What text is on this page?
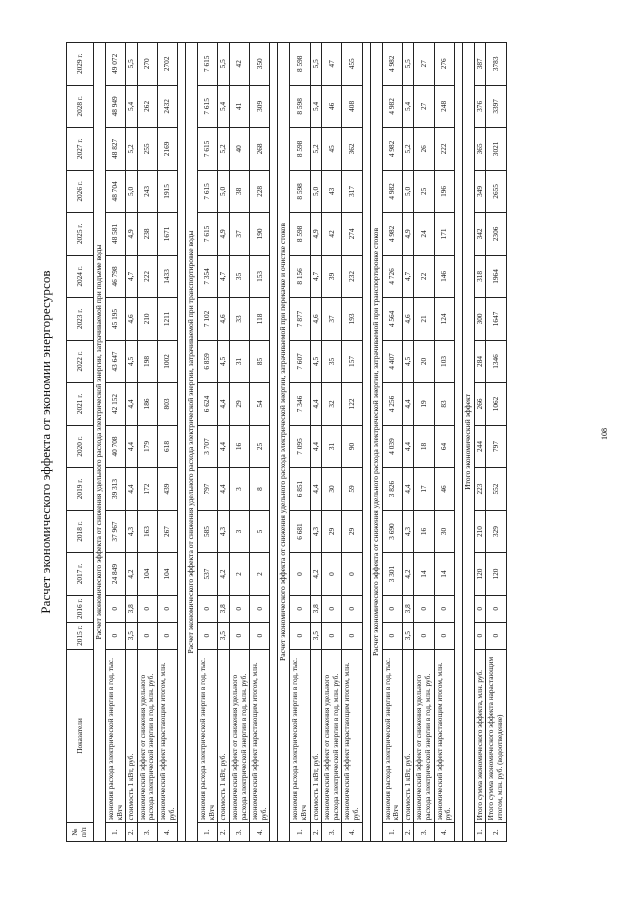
Расчет экономического эффекта от экономии энергоресурсов
№ п/п	Показатели	2015 г.	2016 г.	2017 г.	2018 г.	2019 г.	2020 г.	2021 г.	2022 г.	2023 г.	2024 г.	2025 г.	2026 г.	2027 г.	2028 г.	2029 г.
Расчет экономического эффекта от снижения удельного расхода электрической энергии, затрачиваемой при подъеме воды																
1.	экономия расхода электрической энергии в год, тыс. кВтч	0	0	24 849	37 967	39 313	40 708	42 152	43 647	45 195	46 798	48 581	48 704	48 827	48 949	49 072
2.	стоимость 1 кВт, руб.	3,5	3,8	4,2	4,3	4,4	4,4	4,4	4,5	4,6	4,7	4,9	5,0	5,2	5,4	5,5
3.	экономический эффект от снижения удельного расхода электрической энергии в год, млн. руб.	0	0	104	163	172	179	186	198	210	222	238	243	255	262	270
4.	экономический эффект нарастающим итогом, млн. руб.	0	0	104	267	439	618	803	1002	1211	1433	1671	1915	2169	2432	2702

Расчет экономического эффекта от снижения удельного расхода электрической энергии, затрачиваемой при транспортировке воды																
1.	экономия расхода электрической энергии в год, тыс. кВтч	0	0	537	585	797	3 707	6 624	6 859	7 102	7 354	7 615	7 615	7 615	7 615	7 615
2.	стоимость 1 кВт, руб.	3,5	3,8	4,2	4,3	4,4	4,4	4,4	4,5	4,6	4,7	4,9	5,0	5,2	5,4	5,5
3.	экономический эффект от снижения удельного расхода электрической энергии в год, млн. руб.	0	0	2	3	3	16	29	31	33	35	37	38	40	41	42
4.	экономический эффект нарастающим итогом, млн. руб.	0	0	2	5	8	25	54	85	118	153	190	228	268	309	350

Расчет экономического эффекта от снижения удельного расхода электрической энергии, затрачиваемой при перекачке и очистке стоков																
1.	экономия расхода электрической энергии в год, тыс. кВтч	0	0	0	6 681	6 851	7 095	7 346	7 607	7 877	8 156	8 598	8 598	8 598	8 598	8 598
2.	стоимость 1 кВт, руб.	3,5	3,8	4,2	4,3	4,4	4,4	4,4	4,5	4,6	4,7	4,9	5,0	5,2	5,4	5,5
3.	экономический эффект от снижения удельного расхода электрической энергии в год, млн. руб.	0	0	0	29	30	31	32	35	37	39	42	43	45	46	47
4.	экономический эффект нарастающим итогом, млн. руб.	0	0	0	29	59	90	122	157	193	232	274	317	362	408	455

Расчет экономического эффекта от снижения удельного расхода электрической энергии, затрачиваемой при транспортировке стоков																
1.	экономия расхода электрической энергии в год, тыс. кВтч	0	0	3 301	3 690	3 826	4 039	4 256	4 407	4 564	4 726	4 982	4 982	4 982	4 982	4 982
2.	стоимость 1 кВт, руб.	3,5	3,8	4,2	4,3	4,4	4,4	4,4	4,5	4,6	4,7	4,9	5,0	5,2	5,4	5,5
3.	экономический эффект от снижения удельного расхода электрической энергии в год, млн. руб.	0	0	14	16	17	18	19	20	21	22	24	25	26	27	27
4.	экономический эффект нарастающим итогом, млн. руб.	0	0	14	30	46	64	83	103	124	146	171	196	222	248	276

Итого экономический эффект																
1.	Итого сумма экономического эффекта, млн. руб.	0	0	120	210	223	244	266	284	300	318	342	349	365	376	387
2.	Итого сумма экономического эффекта нарастающим итогом, млн. руб. (водоотведение)	0	0	120	329	552	797	1062	1346	1647	1964	2306	2655	3021	3397	3783
108
